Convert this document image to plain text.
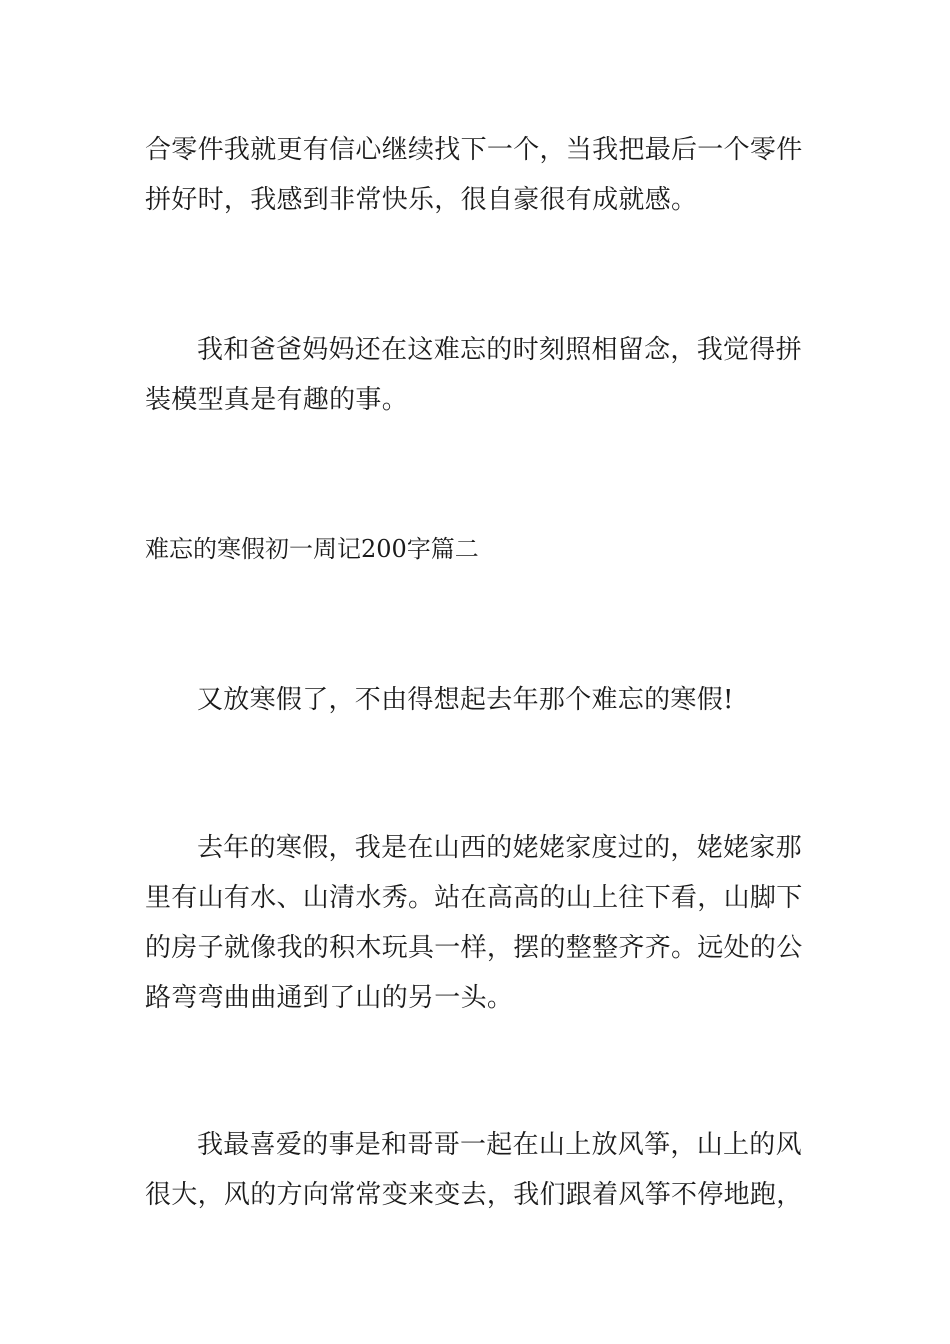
合零件我就更有信心继续找下一个，当我把最后一个零件
拼好时，我感到非常快乐，很自豪很有成就感。
我和爸爸妈妈还在这难忘的时刻照相留念，我觉得拼
装模型真是有趣的事。
难忘的寒假初一周记200字篇二
又放寒假了，不由得想起去年那个难忘的寒假!
去年的寒假，我是在山西的姥姥家度过的，姥姥家那
里有山有水、山清水秀。站在高高的山上往下看，山脚下
的房子就像我的积木玩具一样，摆的整整齐齐。远处的公
路弯弯曲曲通到了山的另一头。
我最喜爱的事是和哥哥一起在山上放风筝，山上的风
很大，风的方向常常变来变去，我们跟着风筝不停地跑，
